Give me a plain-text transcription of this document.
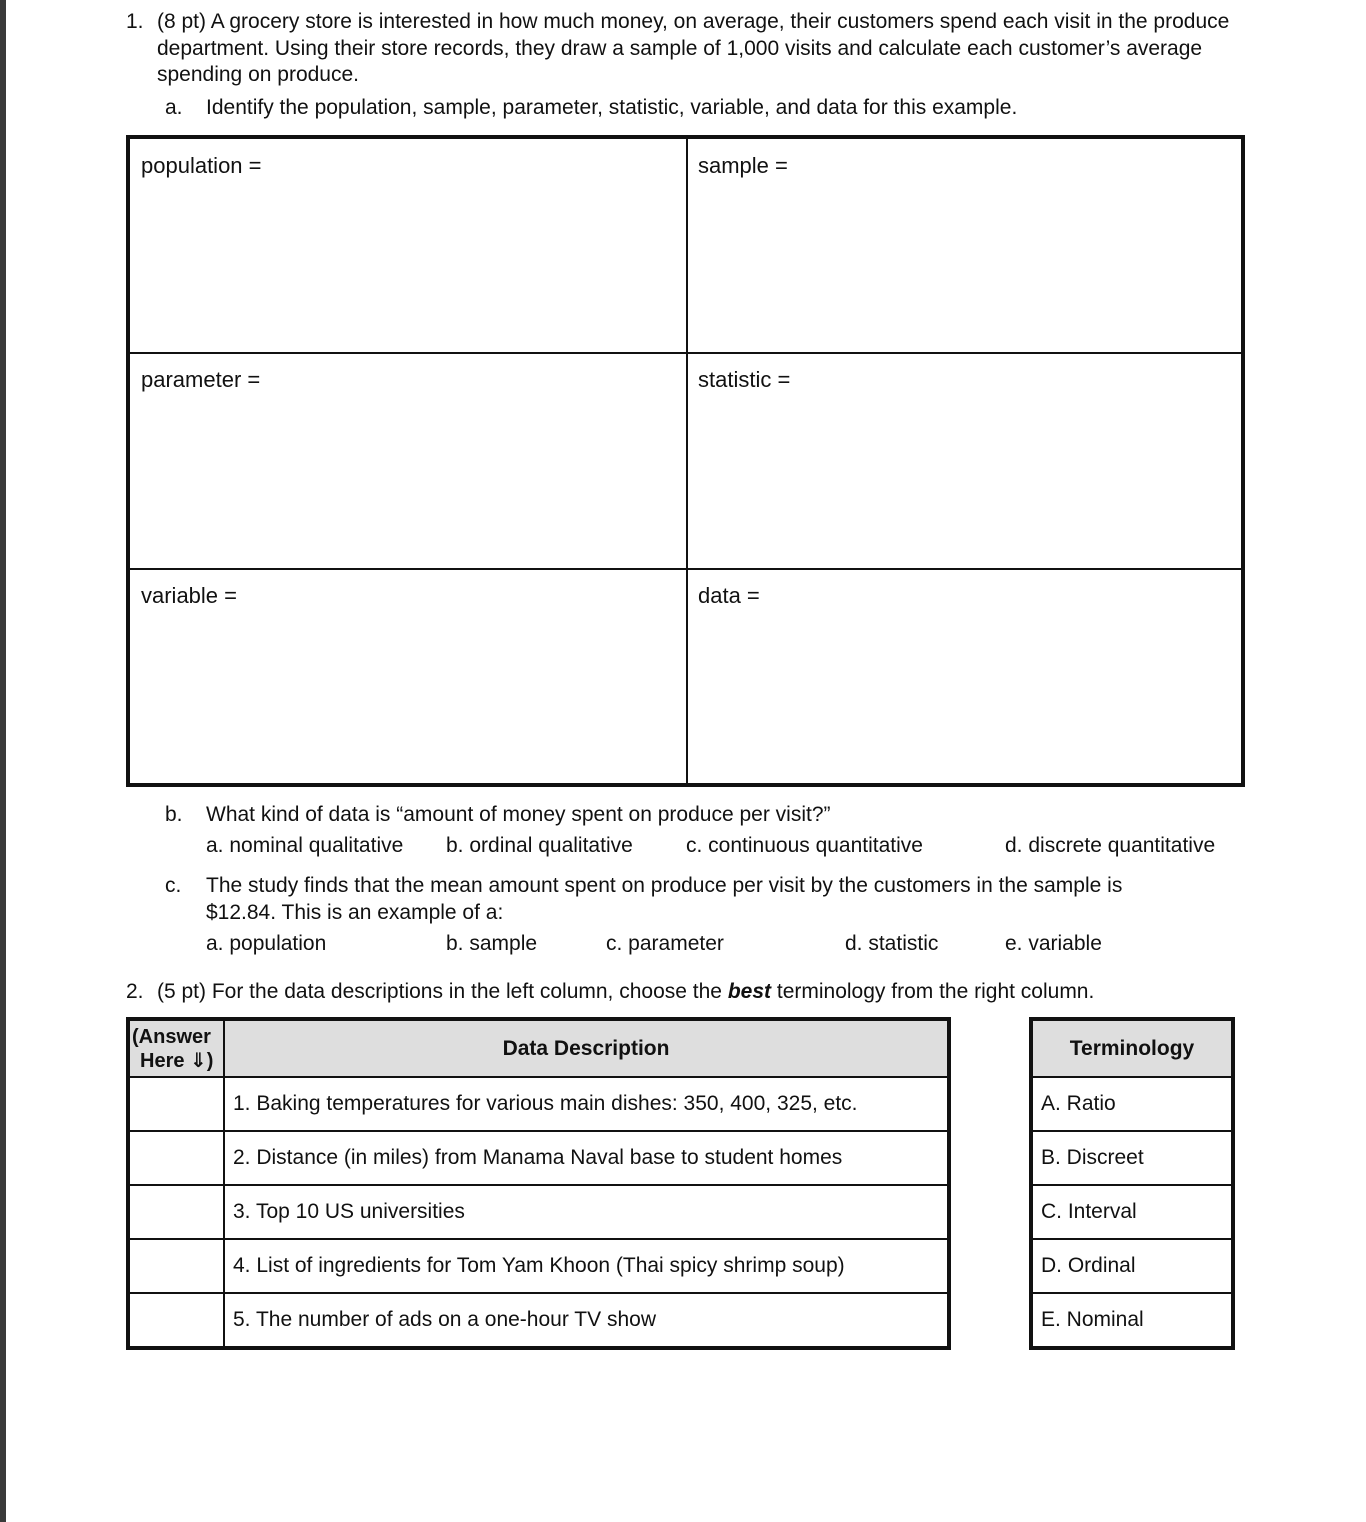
1. (8 pt) A grocery store is interested in how much money, on average, their customers spend each visit in the produce department. Using their store records, they draw a sample of 1,000 visits and calculate each customer’s average spending on produce.
a. Identify the population, sample, parameter, statistic, variable, and data for this example.
population =	sample =
parameter =	statistic =
variable =	data =
b. What kind of data is “amount of money spent on produce per visit?”
a. nominal qualitative b. ordinal qualitative	c. continuous quantitative	d. discrete quantitative
c. The study finds that the mean amount spent on produce per visit by the customers in the sample is
$12.84. This is an example of a:
a. population	b. sample	c. parameter	d. statistic	e. variable
2. (5 pt) For the data descriptions in the left column, choose the best terminology from the right column.
(Answer
Here ⇓)	Data Description
	1. Baking temperatures for various main dishes: 350, 400, 325, etc.
	2. Distance (in miles) from Manama Naval base to student homes
	3. Top 10 US universities
	4. List of ingredients for Tom Yam Khoon (Thai spicy shrimp soup)
	5. The number of ads on a one-hour TV show
Terminology
A. Ratio
B. Discreet
C. Interval
D. Ordinal
E. Nominal
